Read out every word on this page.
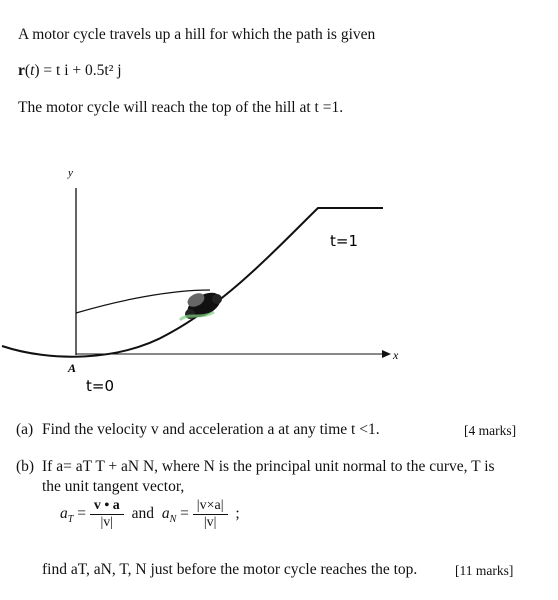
A motor cycle travels up a hill for which the path is given
r(t) = t i + 0.5t² j
The motor cycle will reach the top of the hill at t =1.
y
x
A
t=0
t=1
(a) Find the velocity v and acceleration a at any time t <1.	[4 marks]
(b) If a= aT T + aN N, where N is the principal unit normal to the curve, T is
the unit tangent vector,
$a_T = \frac{v • a}{|v|}$ and $a_N = \frac{|v\times a|}{|v|}$ ;
find aT, aN, T, N just before the motor cycle reaches the top.	[11 marks]
